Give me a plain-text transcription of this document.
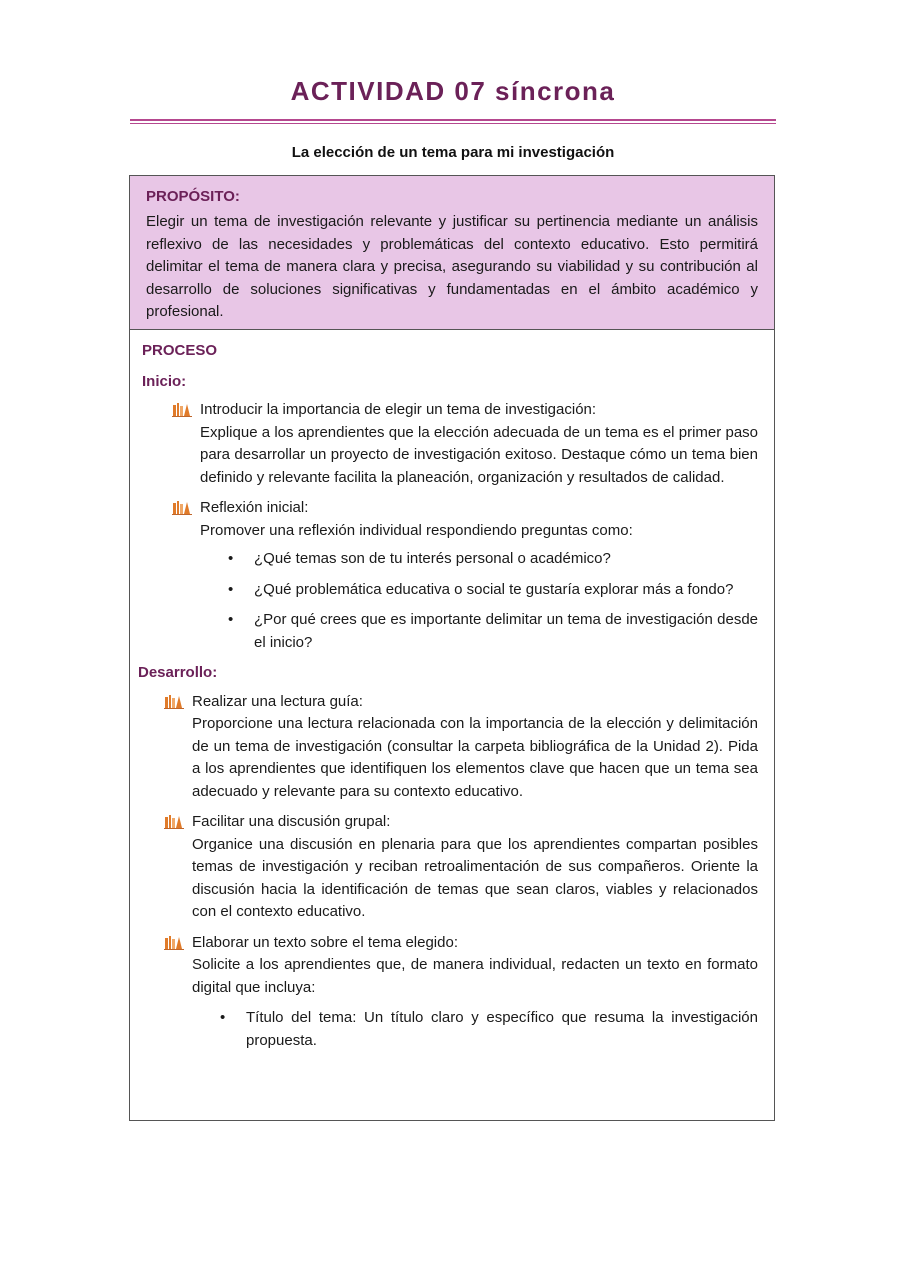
ACTIVIDAD 07 síncrona
La elección de un tema para mi investigación

PROPÓSITO:

Elegir un tema de investigación relevante y justificar su pertinencia mediante un análisis reflexivo de las necesidades y problemáticas del contexto educativo. Esto permitirá delimitar el tema de manera clara y precisa, asegurando su viabilidad y su contribución al desarrollo de soluciones significativas y fundamentadas en el ámbito académico y profesional.

PROCESO

Inicio:

Introducir la importancia de elegir un tema de investigación:
Explique a los aprendientes que la elección adecuada de un tema es el primer paso para desarrollar un proyecto de investigación exitoso. Destaque cómo un tema bien definido y relevante facilita la planeación, organización y resultados de calidad.
Reflexión inicial:
Promover una reflexión individual respondiendo preguntas como:
• ¿Qué temas son de tu interés personal o académico?
• ¿Qué problemática educativa o social te gustaría explorar más a fondo?
• ¿Por qué crees que es importante delimitar un tema de investigación desde el inicio?

Desarrollo:

Realizar una lectura guía:
Proporcione una lectura relacionada con la importancia de la elección y delimitación de un tema de investigación (consultar la carpeta bibliográfica de la Unidad 2). Pida a los aprendientes que identifiquen los elementos clave que hacen que un tema sea adecuado y relevante para su contexto educativo.
Facilitar una discusión grupal:
Organice una discusión en plenaria para que los aprendientes compartan posibles temas de investigación y reciban retroalimentación de sus compañeros. Oriente la discusión hacia la identificación de temas que sean claros, viables y relacionados con el contexto educativo.
Elaborar un texto sobre el tema elegido:
Solicite a los aprendientes que, de manera individual, redacten un texto en formato digital que incluya:
• Título del tema: Un título claro y específico que resuma la investigación propuesta.
